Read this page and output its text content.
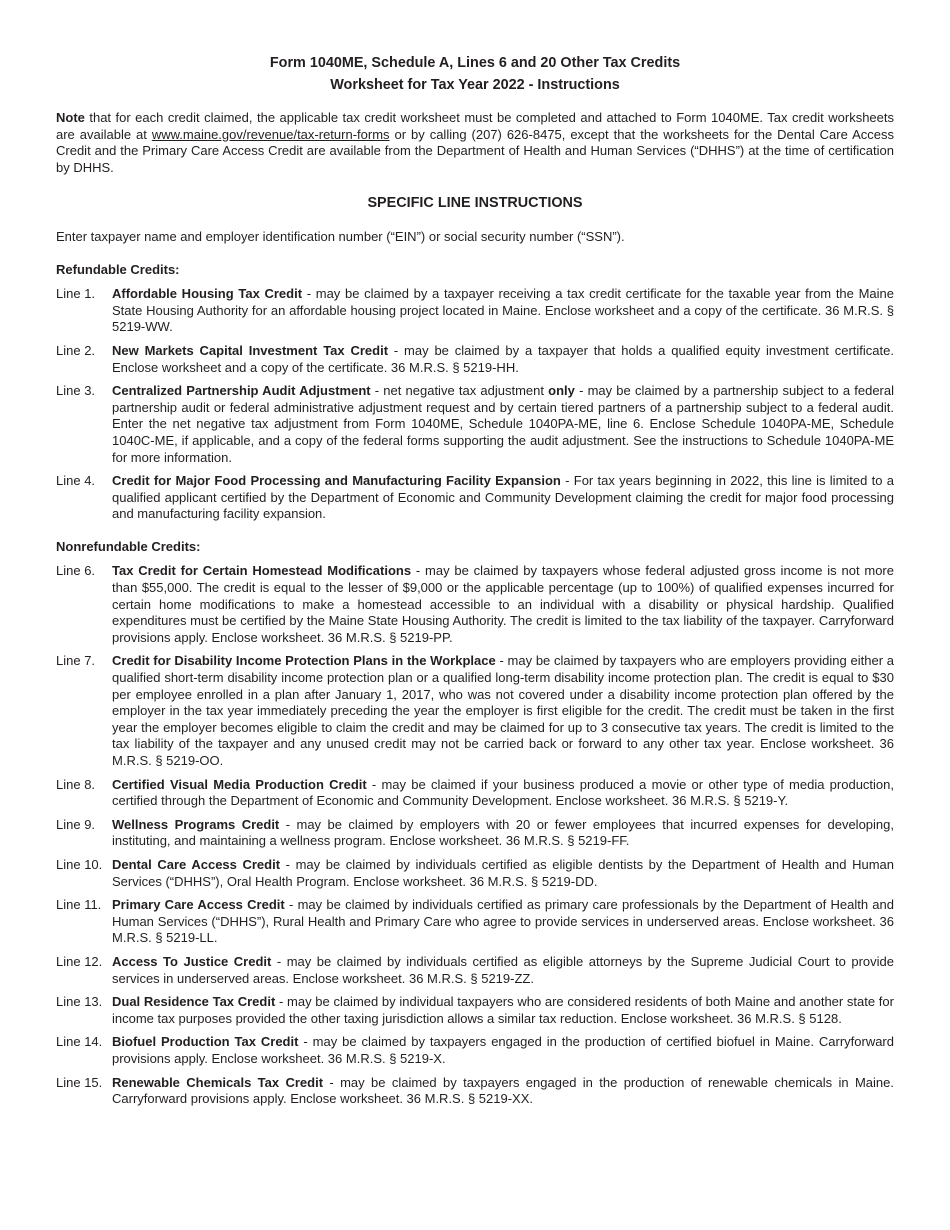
Form 1040ME, Schedule A, Lines 6 and 20 Other Tax Credits
Worksheet for Tax Year 2022 - Instructions
Note that for each credit claimed, the applicable tax credit worksheet must be completed and attached to Form 1040ME. Tax credit worksheets are available at www.maine.gov/revenue/tax-return-forms or by calling (207) 626-8475, except that the worksheets for the Dental Care Access Credit and the Primary Care Access Credit are available from the Department of Health and Human Services (“DHHS”) at the time of certification by DHHS.
SPECIFIC LINE INSTRUCTIONS
Enter taxpayer name and employer identification number (“EIN”) or social security number (“SSN”).
Refundable Credits:
Line 1.	Affordable Housing Tax Credit - may be claimed by a taxpayer receiving a tax credit certificate for the taxable year from the Maine State Housing Authority for an affordable housing project located in Maine. Enclose worksheet and a copy of the certificate. 36 M.R.S. § 5219-WW.
Line 2.	New Markets Capital Investment Tax Credit - may be claimed by a taxpayer that holds a qualified equity investment certificate. Enclose worksheet and a copy of the certificate. 36 M.R.S. § 5219-HH.
Line 3.	Centralized Partnership Audit Adjustment - net negative tax adjustment only - may be claimed by a partnership subject to a federal partnership audit or federal administrative adjustment request and by certain tiered partners of a partnership subject to a federal audit. Enter the net negative tax adjustment from Form 1040ME, Schedule 1040PA-ME, line 6. Enclose Schedule 1040PA-ME, Schedule 1040C-ME, if applicable, and a copy of the federal forms supporting the audit adjustment. See the instructions to Schedule 1040PA-ME for more information.
Line 4.	Credit for Major Food Processing and Manufacturing Facility Expansion - For tax years beginning in 2022, this line is limited to a qualified applicant certified by the Department of Economic and Community Development claiming the credit for major food processing and manufacturing facility expansion.
Nonrefundable Credits:
Line 6.	Tax Credit for Certain Homestead Modifications - may be claimed by taxpayers whose federal adjusted gross income is not more than $55,000. The credit is equal to the lesser of $9,000 or the applicable percentage (up to 100%) of qualified expenses incurred for certain home modifications to make a homestead accessible to an individual with a disability or physical hardship. Qualified expenditures must be certified by the Maine State Housing Authority. The credit is limited to the tax liability of the taxpayer. Carryforward provisions apply. Enclose worksheet. 36 M.R.S. § 5219-PP.
Line 7.	Credit for Disability Income Protection Plans in the Workplace - may be claimed by taxpayers who are employers providing either a qualified short-term disability income protection plan or a qualified long-term disability income protection plan. The credit is equal to $30 per employee enrolled in a plan after January 1, 2017, who was not covered under a disability income protection plan offered by the employer in the tax year immediately preceding the year the employer is first eligible for the credit. The credit must be taken in the first year the employer becomes eligible to claim the credit and may be claimed for up to 3 consecutive tax years. The credit is limited to the tax liability of the taxpayer and any unused credit may not be carried back or forward to any other tax year. Enclose worksheet. 36 M.R.S. § 5219-OO.
Line 8.	Certified Visual Media Production Credit - may be claimed if your business produced a movie or other type of media production, certified through the Department of Economic and Community Development. Enclose worksheet. 36 M.R.S. § 5219-Y.
Line 9.	Wellness Programs Credit - may be claimed by employers with 20 or fewer employees that incurred expenses for developing, instituting, and maintaining a wellness program. Enclose worksheet. 36 M.R.S. § 5219-FF.
Line 10. Dental Care Access Credit - may be claimed by individuals certified as eligible dentists by the Department of Health and Human Services (“DHHS”), Oral Health Program. Enclose worksheet. 36 M.R.S. § 5219-DD.
Line 11. Primary Care Access Credit - may be claimed by individuals certified as primary care professionals by the Department of Health and Human Services (“DHHS”), Rural Health and Primary Care who agree to provide services in underserved areas. Enclose worksheet. 36 M.R.S. § 5219-LL.
Line 12. Access To Justice Credit - may be claimed by individuals certified as eligible attorneys by the Supreme Judicial Court to provide services in underserved areas. Enclose worksheet. 36 M.R.S. § 5219-ZZ.
Line 13. Dual Residence Tax Credit - may be claimed by individual taxpayers who are considered residents of both Maine and another state for income tax purposes provided the other taxing jurisdiction allows a similar tax reduction. Enclose worksheet. 36 M.R.S. § 5128.
Line 14. Biofuel Production Tax Credit - may be claimed by taxpayers engaged in the production of certified biofuel in Maine. Carryforward provisions apply. Enclose worksheet. 36 M.R.S. § 5219-X.
Line 15. Renewable Chemicals Tax Credit - may be claimed by taxpayers engaged in the production of renewable chemicals in Maine. Carryforward provisions apply. Enclose worksheet. 36 M.R.S. § 5219-XX.
